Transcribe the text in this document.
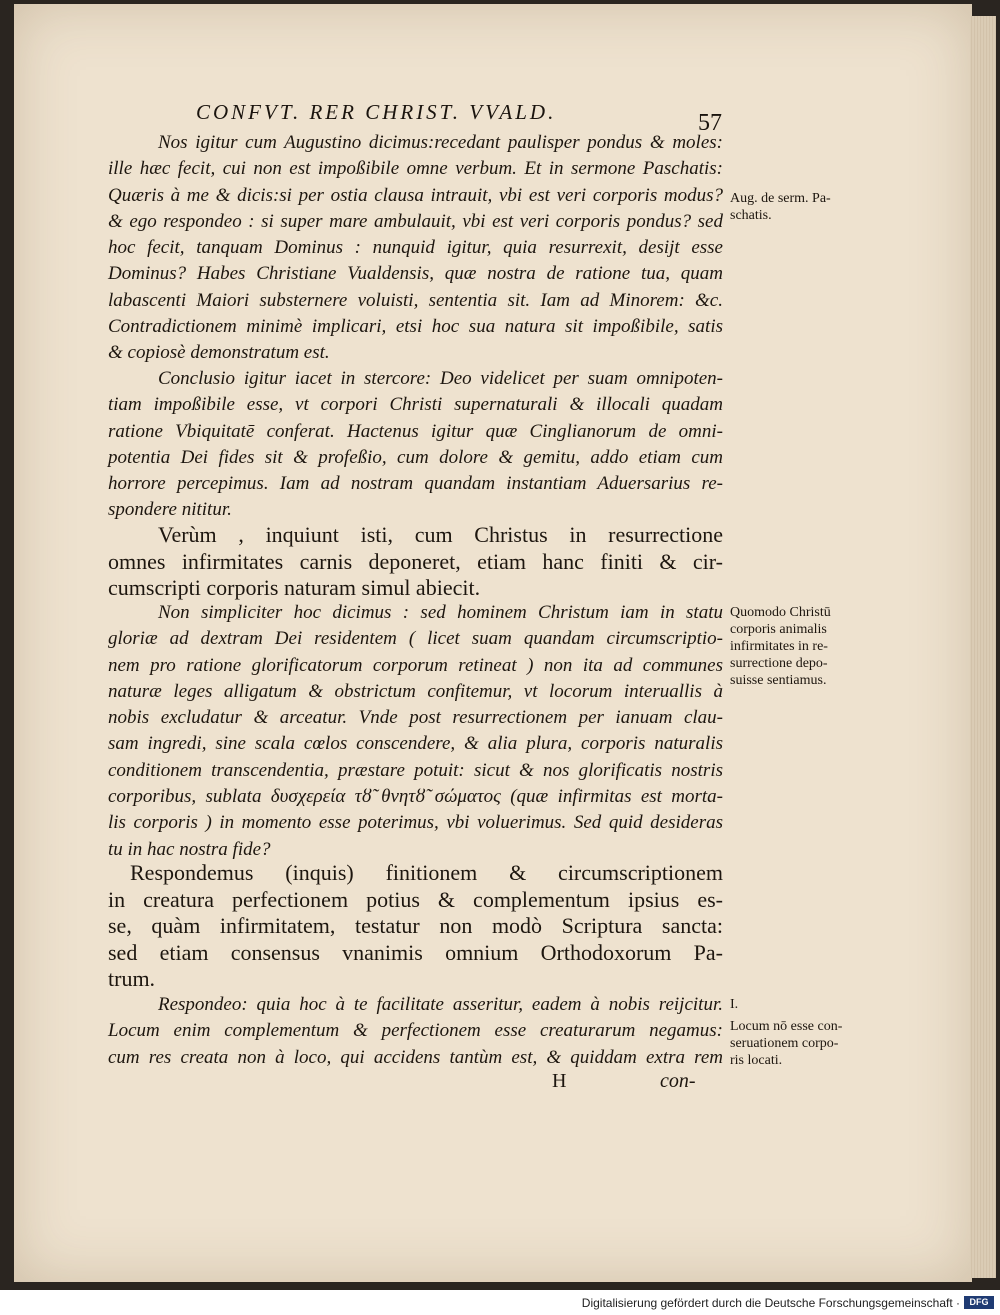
CONFVT. RER CHRIST. VVALD.	57

Nos igitur cum Augustino dicimus:recedant paulisper pondus & moles:

ille hæc fecit, cui non est impoßibile omne verbum. Et in sermone Paschatis:

Quæris à me & dicis:si per ostia clausa intrauit, vbi est veri corporis modus?

& ego respondeo : si super mare ambulauit, vbi est veri corporis pondus? sed

hoc fecit, tanquam Dominus : nunquid igitur, quia resurrexit, desijt esse

Dominus? Habes Christiane Vualdensis, quæ nostra de ratione tua, quam

labascenti Maiori substernere voluisti, sententia sit. Iam ad Minorem: &c.

Contradictionem minimè implicari, etsi hoc sua natura sit impoßibile, satis

& copiosè demonstratum est.

Conclusio igitur iacet in stercore: Deo videlicet per suam omnipoten-

tiam impoßibile esse, vt corpori Christi supernaturali & illocali quadam

ratione Vbiquitatē conferat. Hactenus igitur quæ Cinglianorum de omni-

potentia Dei fides sit & profeßio, cum dolore & gemitu, addo etiam cum

horrore percepimus. Iam ad nostram quandam instantiam Aduersarius re-

spondere nititur.

Verùm , inquiunt isti, cum Christus in resurrectione

omnes infirmitates carnis deponeret, etiam hanc finiti & cir-

cumscripti corporis naturam simul abiecit.

Non simpliciter hoc dicimus : sed hominem Christum iam in statu

gloriæ ad dextram Dei residentem ( licet suam quandam circumscriptio-

nem pro ratione glorificatorum corporum retineat ) non ita ad communes

naturæ leges alligatum & obstrictum confitemur, vt locorum interuallis à

nobis excludatur & arceatur. Vnde post resurrectionem per ianuam clau-

sam ingredi, sine scala cœlos conscendere, & alia plura, corporis naturalis

conditionem transcendentia, præstare potuit: sicut & nos glorificatis nostris

corporibus, sublata δυσχερεία τȣ̃ θνητȣ̃ σώματος (quæ infirmitas est morta-

lis corporis ) in momento esse poterimus, vbi voluerimus. Sed quid desideras

tu in hac nostra fide?

Respondemus (inquis) finitionem & circumscriptionem

in creatura perfectionem potius & complementum ipsius es-

se, quàm infirmitatem, testatur non modò Scriptura sancta:

sed etiam consensus vnanimis omnium Orthodoxorum Pa-

trum.

Respondeo: quia hoc à te facilitate asseritur, eadem à nobis reijcitur.

Locum enim complementum & perfectionem esse creaturarum negamus:

cum res creata non à loco, qui accidens tantùm est, & quiddam extra rem

H	con-

Aug. de serm. Pa-

schatis.

Quomodo Christū

corporis animalis

infirmitates in re-

surrectione depo-

suisse sentiamus.

I.

Locum nō esse con-

seruationem corpo-

ris locati.

Digitalisierung gefördert durch die Deutsche Forschungsgemeinschaft ·	DFG
